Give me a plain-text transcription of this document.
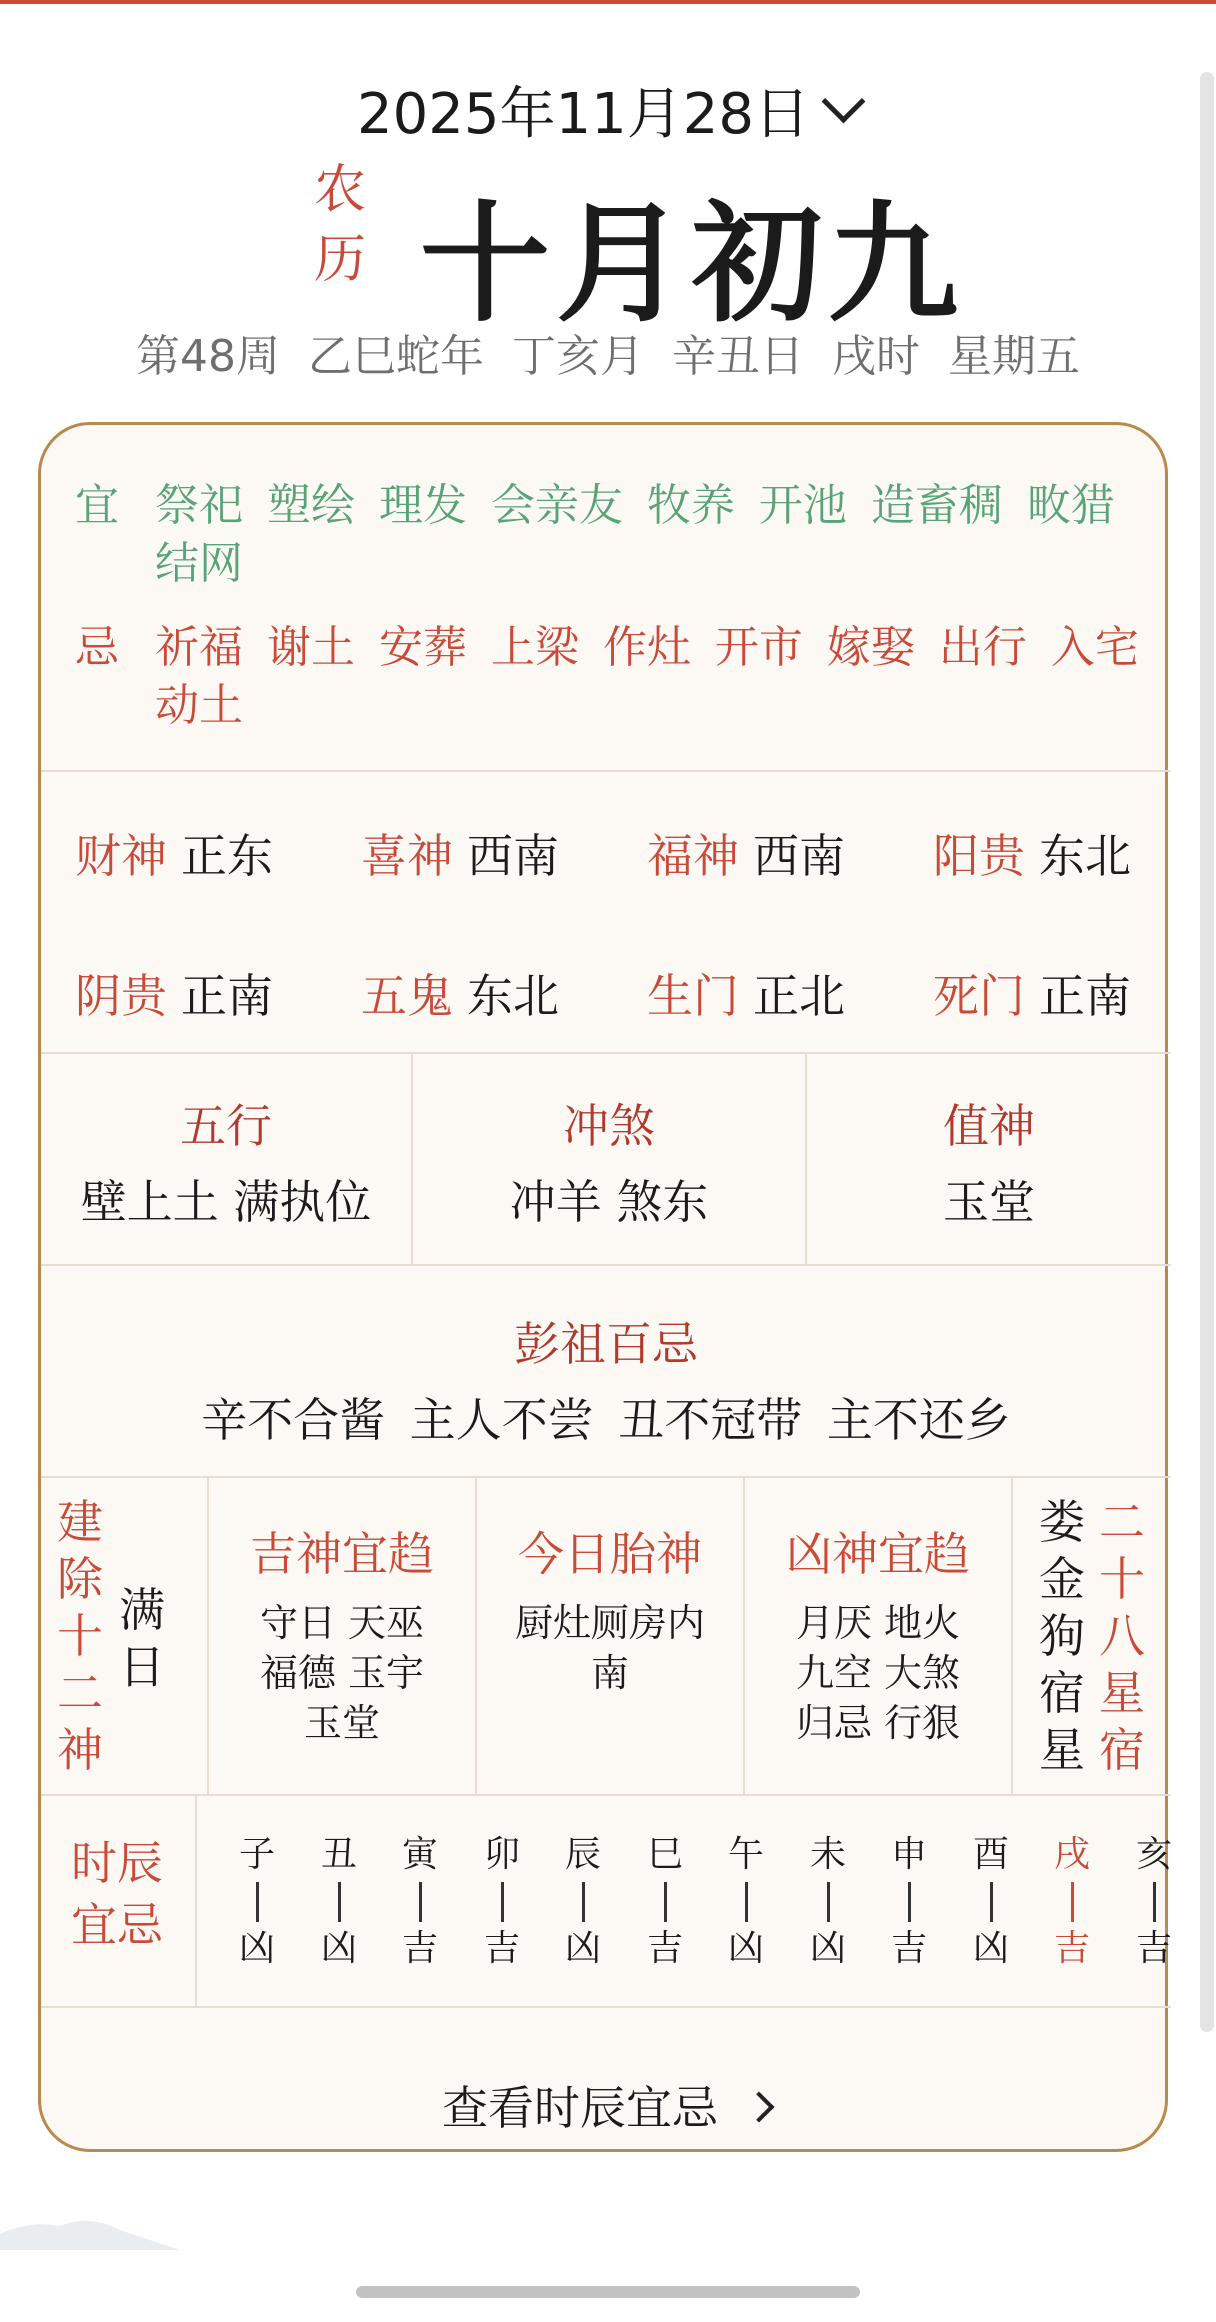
2025年11月28日
农
历 十月初九
第48周 乙巳蛇年 丁亥月 辛丑日 戌时 星期五
宜 祭祀 塑绘 理发 会亲友 牧养 开池 造畜稠 畋猎 结网
忌 祈福 谢土 安葬 上梁 作灶 开市 嫁娶 出行 入宅 动土
财神 正东 喜神 西南 福神 西南 阳贵 东北
阴贵 正南 五鬼 东北 生门 正北 死门 正南
五行
壁上土 满执位
冲煞
冲羊 煞东
值神
玉堂
彭祖百忌
辛不合酱 主人不尝 丑不冠带 主不还乡
建除十二神
满日
吉神宜趋
守日 天巫
福德 玉宇
玉堂
今日胎神
厨灶厕房内
南
凶神宜趋
月厌 地火
九空 大煞
归忌 行狠
娄金狗宿星
二十八星宿
时辰
宜忌
子
凶
丑
凶
寅
吉
卯
吉
辰
凶
巳
吉
午
凶
未
凶
申
吉
酉
凶
戌
吉
亥
吉
查看时辰宜忌
